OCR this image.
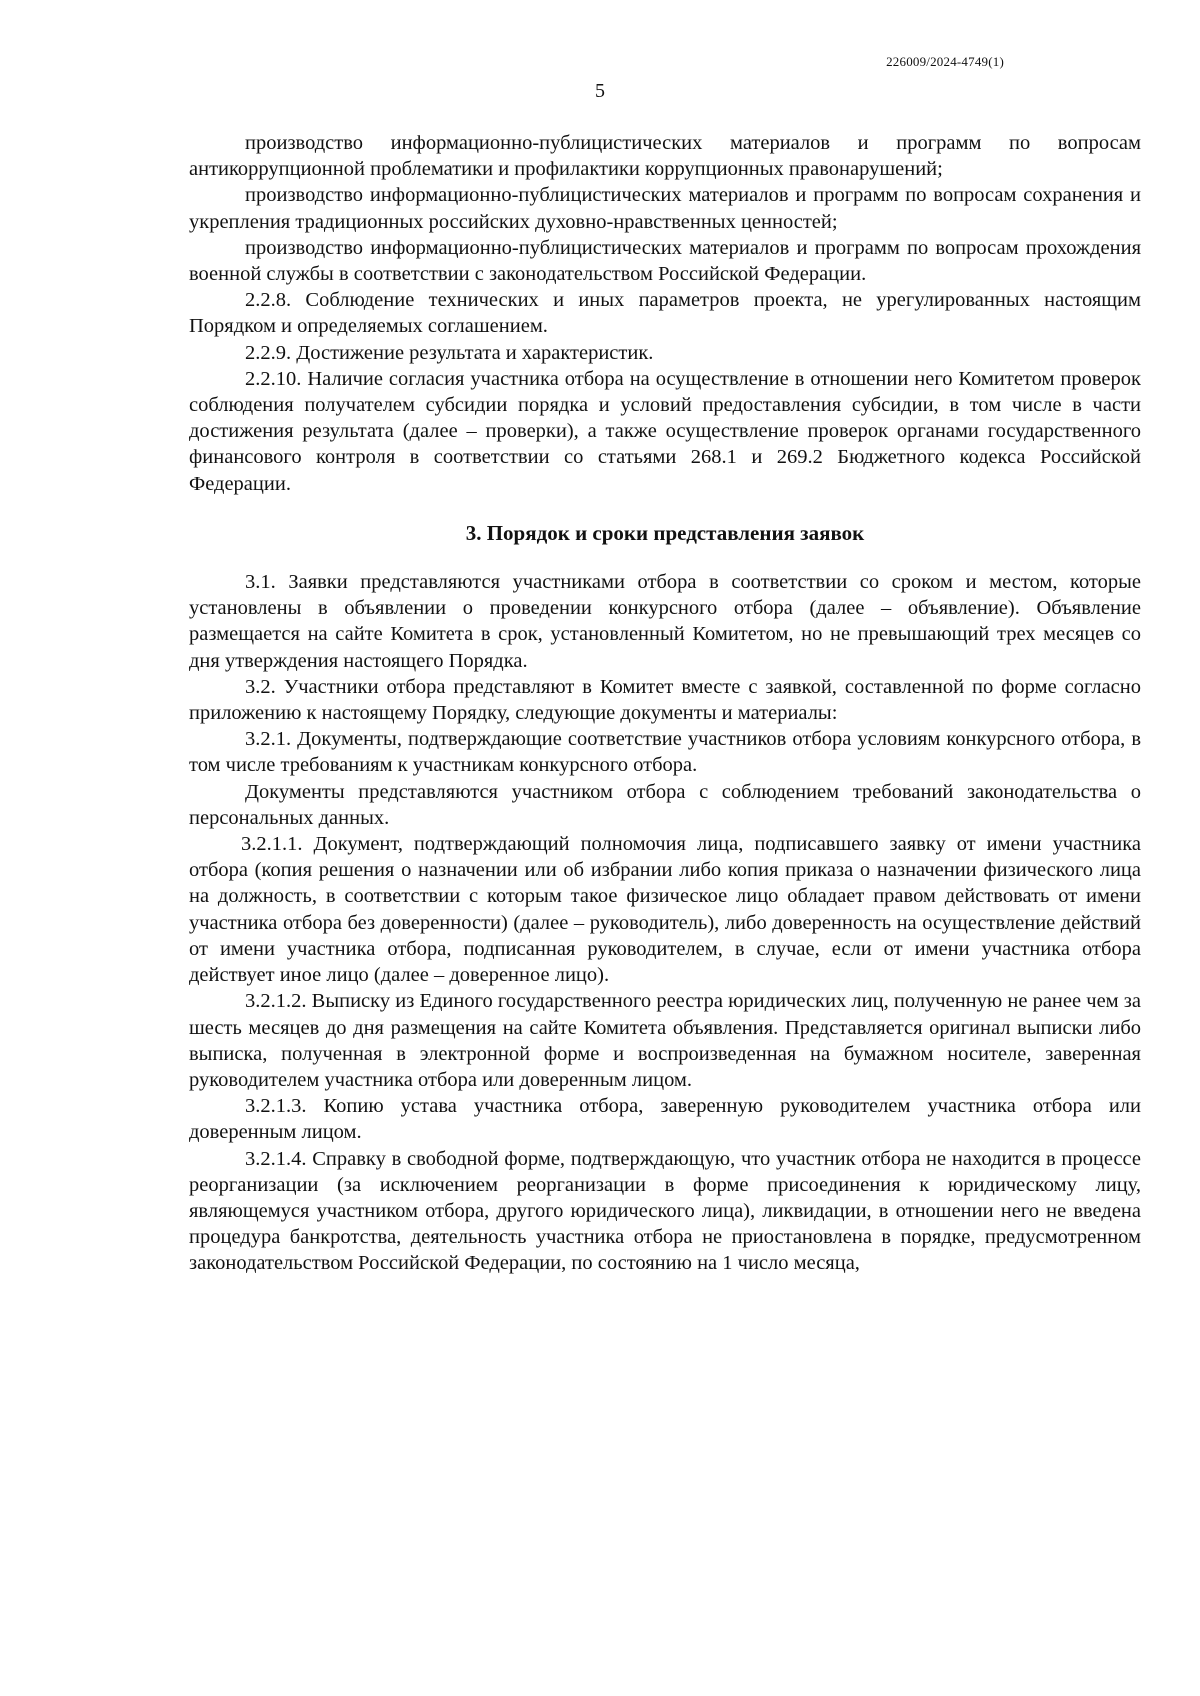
226009/2024-4749(1)
5

производство информационно-публицистических материалов и программ по вопросам антикоррупционной проблематики и профилактики коррупционных правонарушений;

производство информационно-публицистических материалов и программ по вопросам сохранения и укрепления традиционных российских духовно-нравственных ценностей;

производство информационно-публицистических материалов и программ по вопросам прохождения военной службы в соответствии с законодательством Российской Федерации.

2.2.8. Соблюдение технических и иных параметров проекта, не урегулированных настоящим Порядком и определяемых соглашением.

2.2.9. Достижение результата и характеристик.

2.2.10. Наличие согласия участника отбора на осуществление в отношении него Комитетом проверок соблюдения получателем субсидии порядка и условий предоставления субсидии, в том числе в части достижения результата (далее – проверки), а также осуществление проверок органами государственного финансового контроля в соответствии со статьями 268.1 и 269.2 Бюджетного кодекса Российской Федерации.

3. Порядок и сроки представления заявок

3.1. Заявки представляются участниками отбора в соответствии со сроком и местом, которые установлены в объявлении о проведении конкурсного отбора (далее – объявление). Объявление размещается на сайте Комитета в срок, установленный Комитетом, но не превышающий трех месяцев со дня утверждения настоящего Порядка.

3.2. Участники отбора представляют в Комитет вместе с заявкой, составленной по форме согласно приложению к настоящему Порядку, следующие документы и материалы:

3.2.1. Документы, подтверждающие соответствие участников отбора условиям конкурсного отбора, в том числе требованиям к участникам конкурсного отбора.

Документы представляются участником отбора с соблюдением требований законодательства о персональных данных.

3.2.1.1. Документ, подтверждающий полномочия лица, подписавшего заявку от имени участника отбора (копия решения о назначении или об избрании либо копия приказа о назначении физического лица на должность, в соответствии с которым такое физическое лицо обладает правом действовать от имени участника отбора без доверенности) (далее – руководитель), либо доверенность на осуществление действий от имени участника отбора, подписанная руководителем, в случае, если от имени участника отбора действует иное лицо (далее – доверенное лицо).

3.2.1.2. Выписку из Единого государственного реестра юридических лиц, полученную не ранее чем за шесть месяцев до дня размещения на сайте Комитета объявления. Представляется оригинал выписки либо выписка, полученная в электронной форме и воспроизведенная на бумажном носителе, заверенная руководителем участника отбора или доверенным лицом.

3.2.1.3. Копию устава участника отбора, заверенную руководителем участника отбора или доверенным лицом.

3.2.1.4. Справку в свободной форме, подтверждающую, что участник отбора не находится в процессе реорганизации (за исключением реорганизации в форме присоединения к юридическому лицу, являющемуся участником отбора, другого юридического лица), ликвидации, в отношении него не введена процедура банкротства, деятельность участника отбора не приостановлена в порядке, предусмотренном законодательством Российской Федерации, по состоянию на 1 число месяца,
